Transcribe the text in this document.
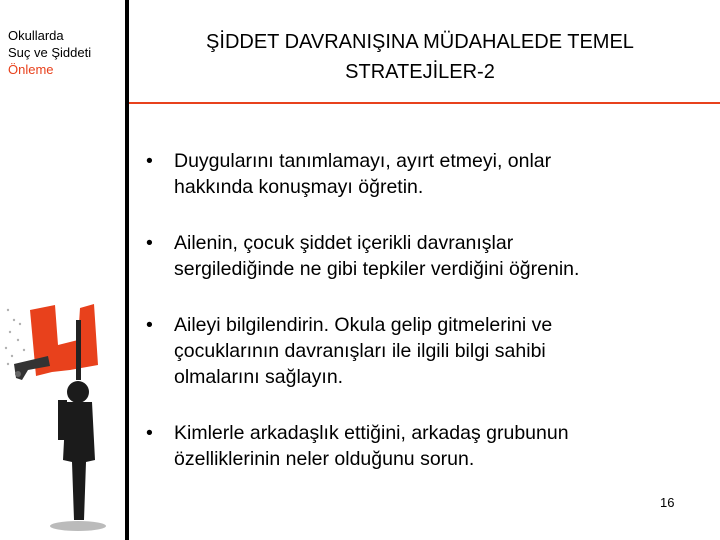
Okullarda
Suç ve Şiddeti
Önleme
ŞİDDET DAVRANIŞINA MÜDAHALEDE TEMEL
STRATEJİLER-2
• Duygularını tanımlamayı, ayırt etmeyi, onlar
hakkında konuşmayı öğretin.
• Ailenin, çocuk şiddet içerikli davranışlar
sergilediğinde ne gibi tepkiler verdiğini öğrenin.
• Aileyi bilgilendirin. Okula gelip gitmelerini ve
çocuklarının davranışları ile ilgili bilgi sahibi
olmalarını sağlayın.
• Kimlerle arkadaşlık ettiğini, arkadaş grubunun
özelliklerinin neler olduğunu sorun.
16
